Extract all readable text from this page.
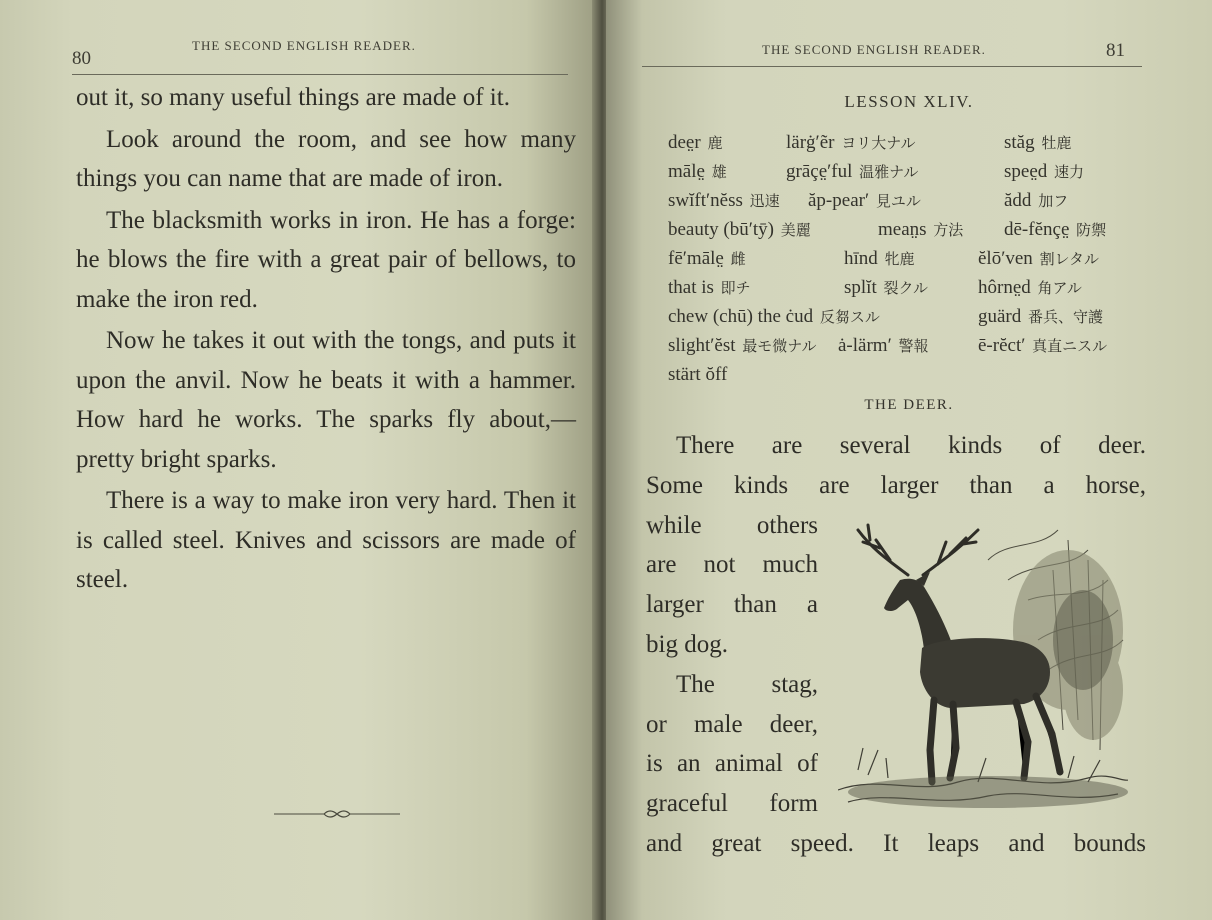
80
THE SECOND ENGLISH READER.

out it, so many useful things are made of it.

Look around the room, and see how many things you can name that are made of iron.

The blacksmith works in iron. He has a forge: he blows the fire with a great pair of bellows, to make the iron red.

Now he takes it out with the tongs, and puts it upon the anvil. Now he beats it with a hammer. How hard he works. The sparks fly about,— pretty bright sparks.

There is a way to make iron very hard. Then it is called steel. Knives and scissors are made of steel.

THE SECOND ENGLISH READER.	81
LESSON XLIV.
dee̤r 鹿	lärġ′ẽr ヨリ大ナル	stăg 牡鹿
māle̤ 雄	grāçe̤′ful 温雅ナル	spee̤d 速力
swĭft′nĕss 迅速 ăp-pear′ 見ユル	ădd 加フ
beauty (bū′tȳ) 美麗	mean̤s 方法 dē-fĕnçe̤ 防禦
fē′māle̤ 雌	hīnd 牝鹿	ĕlō′ven 割レタル
that is 即チ	splĭt 裂クル	hôrne̤d 角アル
chew (chū) the ċud 反芻スル	guärd 番兵、守護
slight′ĕst 最モ微ナル ȧ-lärm′ 警報	ē-rĕct′ 真直ニスル
stärt ŏff
THE DEER.
There are several kinds of deer.
Some kinds are larger than a horse,
while others
are not much
larger than a
big dog.
The stag,
or male deer,
is an animal of
graceful form
and great speed. It leaps and bounds
